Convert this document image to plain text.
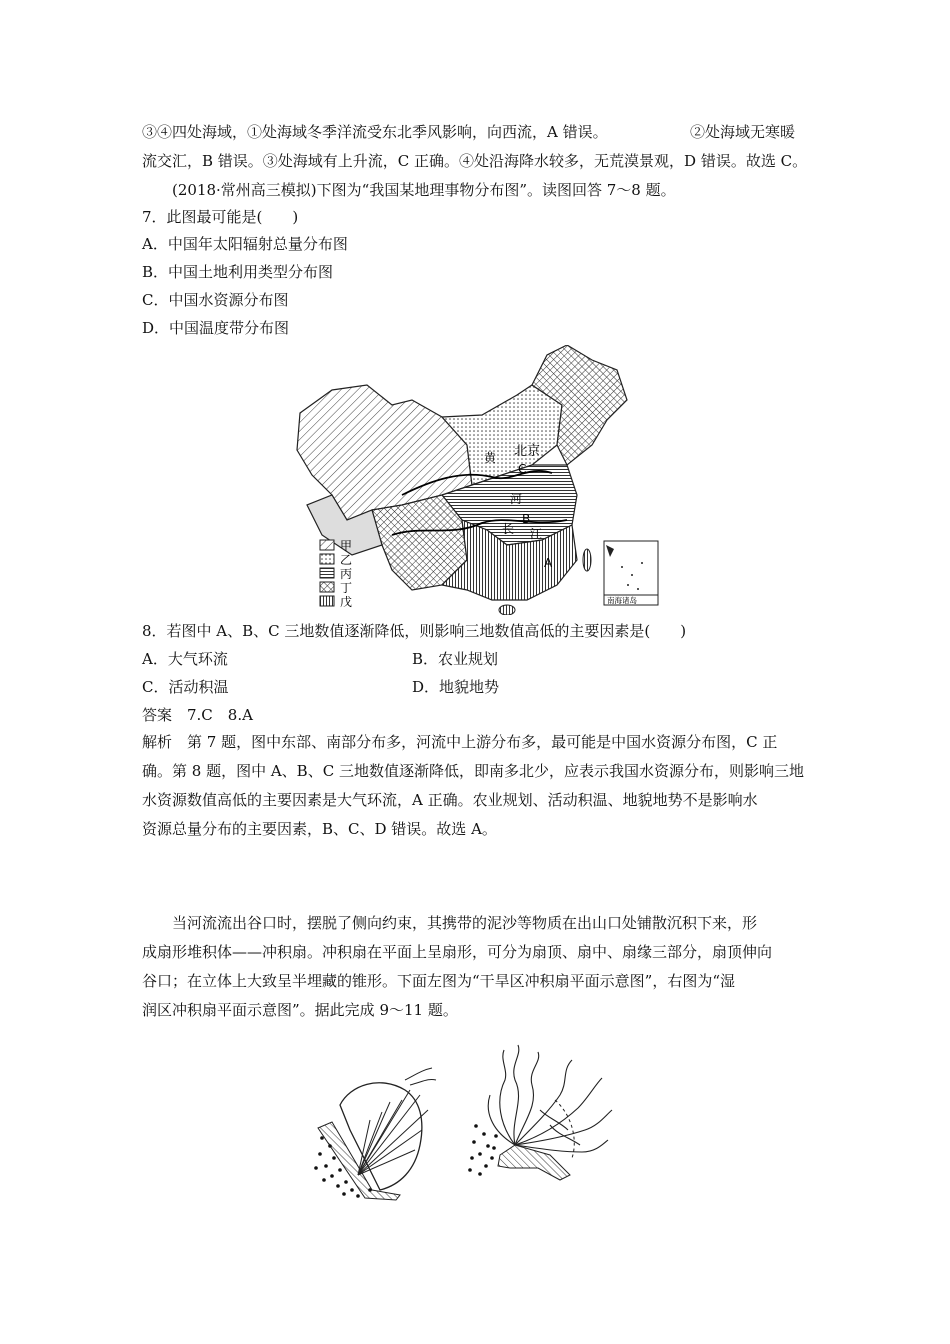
③④四处海域，①处海域冬季洋流受东北季风影响，向西流，A 错误。	②处海域无寒暖
流交汇，B 错误。③处海域有上升流，C 正确。④处沿海降水较多，无荒漠景观，D 错误。故选 C。
(2018·常州高三模拟)下图为“我国某地理事物分布图”。读图回答 7～8 题。
7．此图最可能是(　　)
A．中国年太阳辐射总量分布图
B．中国土地利用类型分布图
C．中国水资源分布图
D．中国温度带分布图
北京
黄
河
C
B
A
长 江
甲
乙
丙
丁
戊	南海诸岛
8．若图中 A、B、C 三地数值逐渐降低，则影响三地数值高低的主要因素是(　　)
A．大气环流	B．农业规划
C．活动积温	D．地貌地势
答案　7.C　8.A
解析　第 7 题，图中东部、南部分布多，河流中上游分布多，最可能是中国水资源分布图，C 正
确。第 8 题，图中 A、B、C 三地数值逐渐降低，即南多北少，应表示我国水资源分布，则影响三地
水资源数值高低的主要因素是大气环流，A 正确。农业规划、活动积温、地貌地势不是影响水
资源总量分布的主要因素，B、C、D 错误。故选 A。
当河流流出谷口时，摆脱了侧向约束，其携带的泥沙等物质在出山口处铺散沉积下来，形
成扇形堆积体——冲积扇。冲积扇在平面上呈扇形，可分为扇顶、扇中、扇缘三部分，扇顶伸向
谷口；在立体上大致呈半埋藏的锥形。下面左图为“干旱区冲积扇平面示意图”，右图为“湿
润区冲积扇平面示意图”。据此完成 9～11 题。
